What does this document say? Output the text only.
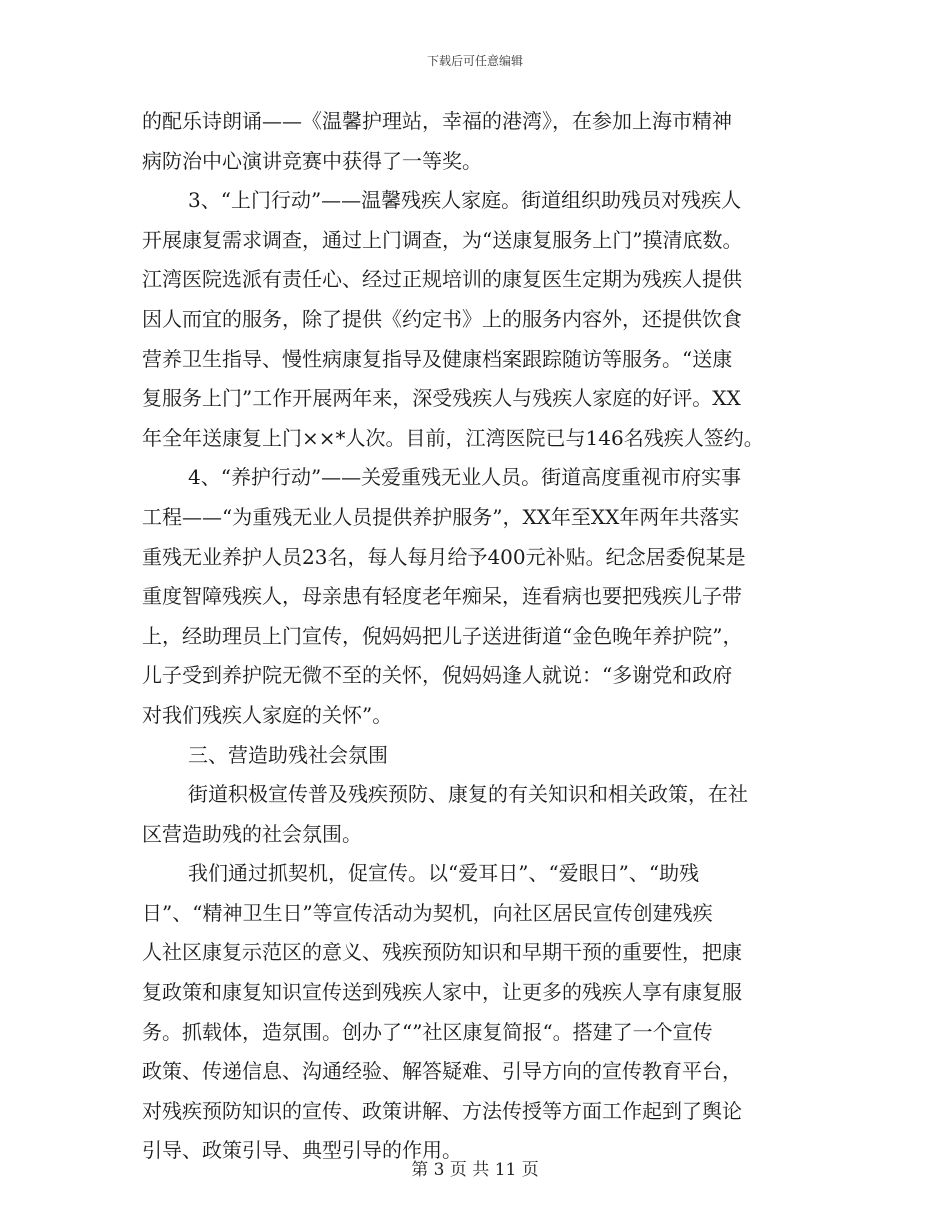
下载后可任意编辑
的配乐诗朗诵——《温馨护理站，幸福的港湾》，在参加上海市精神
病防治中心演讲竞赛中获得了一等奖。
3、“上门行动”——温馨残疾人家庭。街道组织助残员对残疾人
开展康复需求调查，通过上门调查，为“送康复服务上门”摸清底数。
江湾医院选派有责任心、经过正规培训的康复医生定期为残疾人提供
因人而宜的服务，除了提供《约定书》上的服务内容外，还提供饮食
营养卫生指导、慢性病康复指导及健康档案跟踪随访等服务。“送康
复服务上门”工作开展两年来，深受残疾人与残疾人家庭的好评。XX
年全年送康复上门××*人次。目前，江湾医院已与146名残疾人签约。
4、“养护行动”——关爱重残无业人员。街道高度重视市府实事
工程——“为重残无业人员提供养护服务”，XX年至XX年两年共落实
重残无业养护人员23名，每人每月给予400元补贴。纪念居委倪某是
重度智障残疾人，母亲患有轻度老年痴呆，连看病也要把残疾儿子带
上，经助理员上门宣传，倪妈妈把儿子送进街道“金色晚年养护院”，
儿子受到养护院无微不至的关怀，倪妈妈逢人就说：“多谢党和政府
对我们残疾人家庭的关怀”。
三、营造助残社会氛围
街道积极宣传普及残疾预防、康复的有关知识和相关政策，在社
区营造助残的社会氛围。
我们通过抓契机，促宣传。以“爱耳日”、“爱眼日”、“助残
日”、“精神卫生日”等宣传活动为契机，向社区居民宣传创建残疾
人社区康复示范区的意义、残疾预防知识和早期干预的重要性，把康
复政策和康复知识宣传送到残疾人家中，让更多的残疾人享有康复服
务。抓载体，造氛围。创办了“”社区康复简报“。搭建了一个宣传
政策、传递信息、沟通经验、解答疑难、引导方向的宣传教育平台，
对残疾预防知识的宣传、政策讲解、方法传授等方面工作起到了舆论
引导、政策引导、典型引导的作用。
第 3 页 共 11 页
